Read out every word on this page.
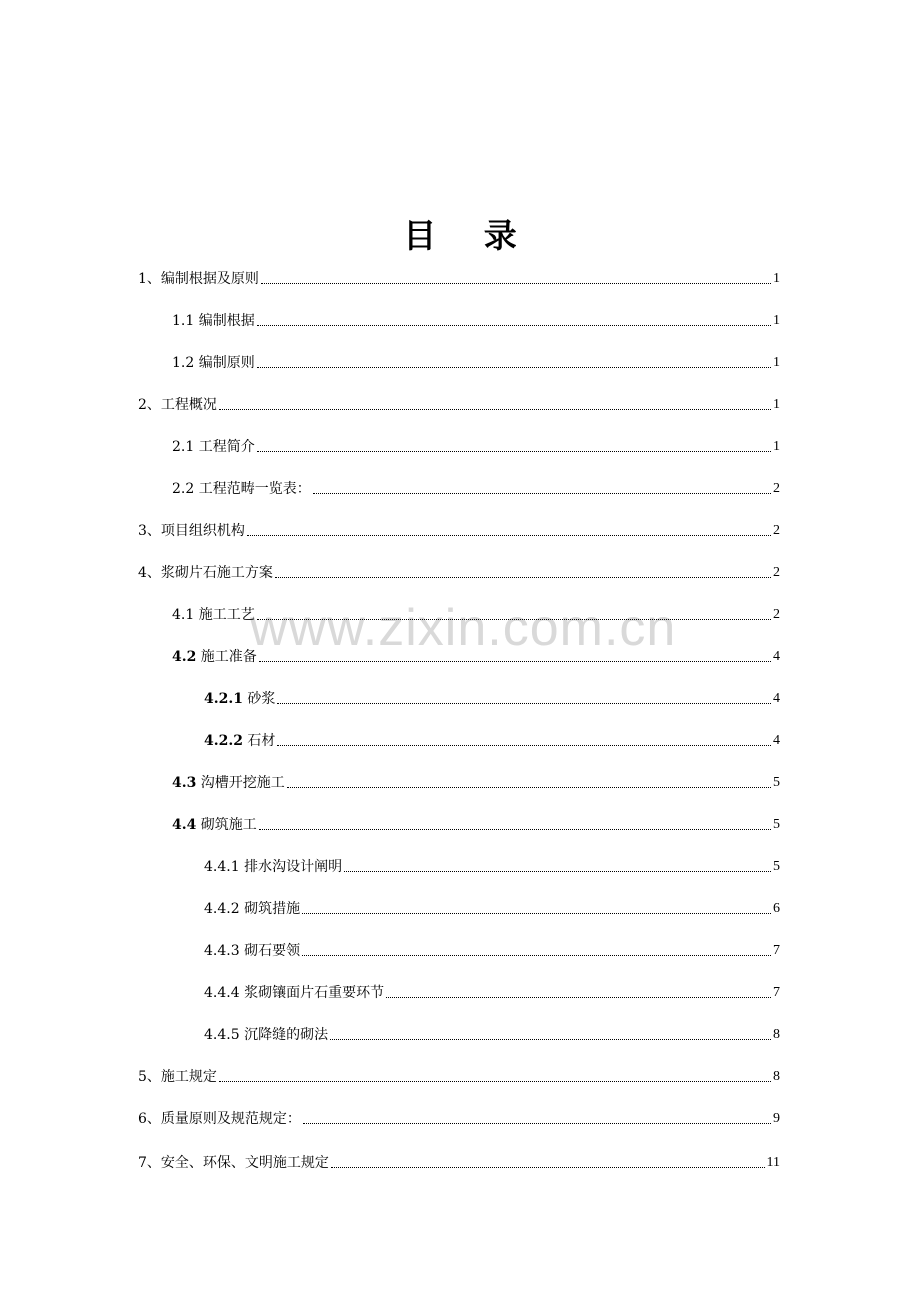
目 录
www.zixin.com.cn
1、编制根据及原则	1
1.1 编制根据	1
1.2 编制原则	1
2、工程概况	1
2.1 工程简介	1
2.2 工程范畴一览表：	2
3、项目组织机构	2
4、浆砌片石施工方案	2
4.1 施工工艺	2
4.2 施工准备	4
4.2.1 砂浆	4
4.2.2 石材	4
4.3 沟槽开挖施工	5
4.4 砌筑施工	5
4.4.1 排水沟设计阐明	5
4.4.2 砌筑措施	6
4.4.3 砌石要领	7
4.4.4 浆砌镶面片石重要环节	7
4.4.5 沉降缝的砌法	8
5、施工规定	8
6、质量原则及规范规定：	9
7、安全、环保、文明施工规定	11
